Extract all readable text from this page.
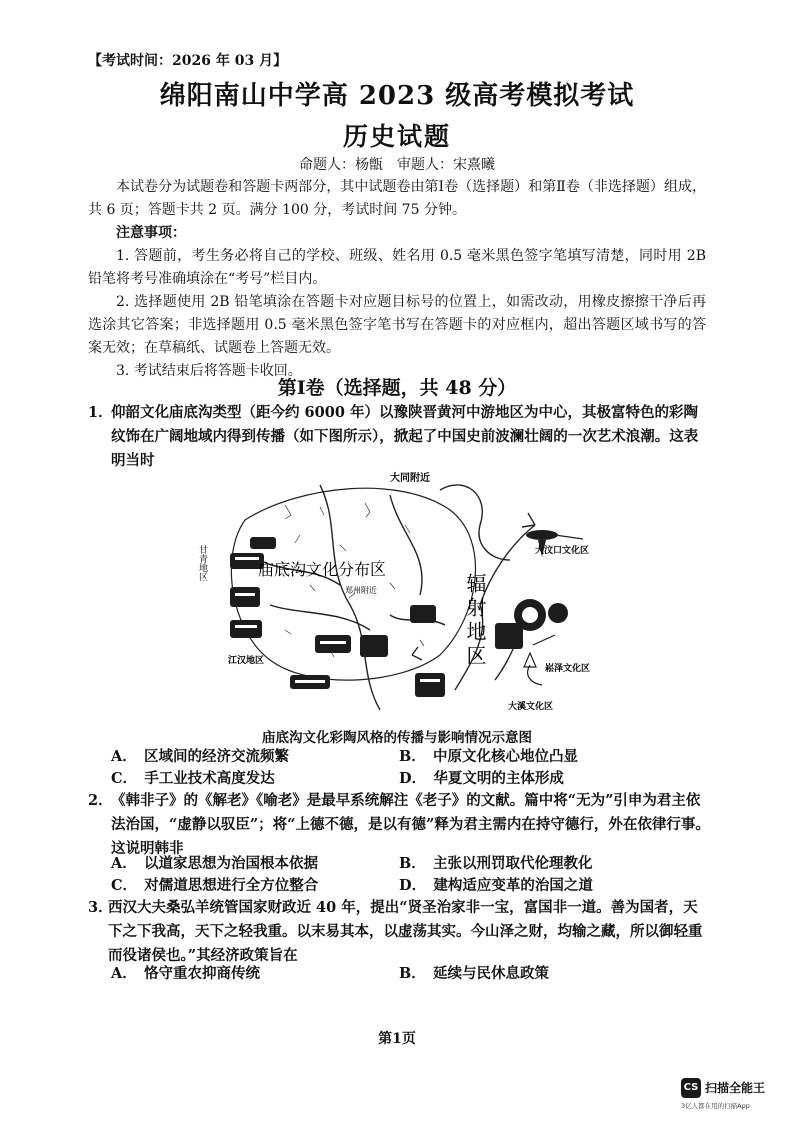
【考试时间：2026 年 03 月】
绵阳南山中学高 2023 级高考模拟考试
历史试题
命题人：杨甑　审题人：宋熹曦
本试卷分为试题卷和答题卡两部分，其中试题卷由第Ⅰ卷（选择题）和第Ⅱ卷（非选择题）组成，共 6 页；答题卡共 2 页。满分 100 分，考试时间 75 分钟。
注意事项：
1. 答题前，考生务必将自己的学校、班级、姓名用 0.5 毫米黑色签字笔填写清楚，同时用 2B 铅笔将考号准确填涂在“考号”栏目内。
2. 选择题使用 2B 铅笔填涂在答题卡对应题目标号的位置上，如需改动，用橡皮擦擦干净后再选涂其它答案；非选择题用 0.5 毫米黑色签字笔书写在答题卡的对应框内，超出答题区域书写的答案无效；在草稿纸、试题卷上答题无效。
3. 考试结束后将答题卡收回。
第Ⅰ卷（选择题，共 48 分）
1．
仰韶文化庙底沟类型（距今约 6000 年）以豫陕晋黄河中游地区为中心，其极富特色的彩陶纹饰在广阔地域内得到传播（如下图所示），掀起了中国史前波澜壮阔的一次艺术浪潮。这表明当时
大同附近
甘青地区	大汶口文化区
庙底沟文化分布区
辐射地区
郑州附近
江汉地区
崧泽文化区
大溪文化区
庙底沟文化彩陶风格的传播与影响情况示意图
A．　区域间的经济交流频繁	B．　中原文化核心地位凸显
C．　手工业技术高度发达	D．　华夏文明的主体形成
2．
《韩非子》的《解老》《喻老》是最早系统解注《老子》的文献。篇中将“无为”引申为君主依法治国，“虚静以驭臣”；将“上德不德，是以有德”释为君主需内在持守德行，外在依律行事。这说明韩非
A．　以道家思想为治国根本依据	B．　主张以刑罚取代伦理教化
C．　对儒道思想进行全方位整合	D．　建构适应变革的治国之道
3．
西汉大夫桑弘羊统管国家财政近 40 年，提出“贤圣治家非一宝，富国非一道。善为国者，天下之下我高，天下之轻我重。以末易其本，以虚荡其实。今山泽之财，均输之藏，所以御轻重而役诸侯也。”其经济政策旨在
A．　恪守重农抑商传统	B．　延续与民休息政策
第1页
CS 扫描全能王
3亿人都在用的扫描App
